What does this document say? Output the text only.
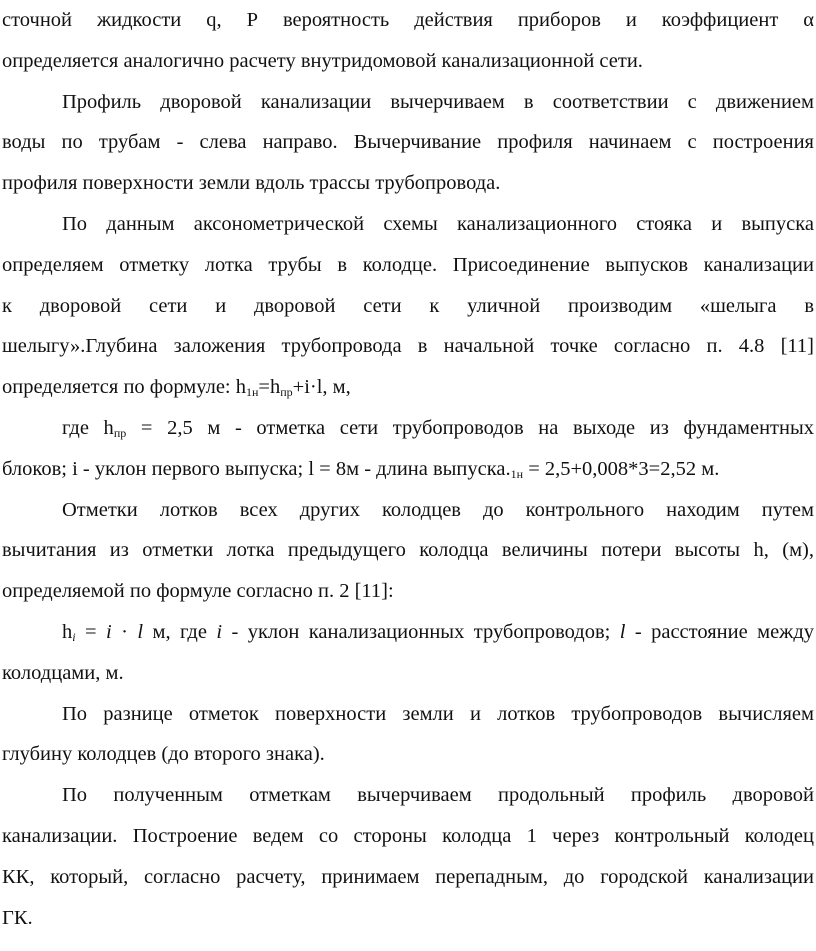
сточной жидкости q, Р вероятность действия приборов и коэффициент α
определяется аналогично расчету внутридомовой канализационной сети.

Профиль дворовой канализации вычерчиваем в соответствии с движением
воды по трубам - слева направо. Вычерчивание профиля начинаем с построения
профиля поверхности земли вдоль трассы трубопровода.

По данным аксонометрической схемы канализационного стояка и выпуска
определяем отметку лотка трубы в колодце. Присоединение выпусков канализации
к дворовой сети и дворовой сети к уличной производим «шелыга в
шелыгу».Глубина заложения трубопровода в начальной точке согласно п. 4.8 [11]
определяется по формуле: $h_{1н}=h_{пр}+i\cdot l$, м,

где $h_{пр} = 2,5$ м - отметка сети трубопроводов на выходе из фундаментных
блоков; i - уклон первого выпуска; l = 8м - длина $выпуска._{1н} = 2,5+0,008*3=2,52$ м.

Отметки лотков всех других колодцев до контрольного находим путем
вычитания из отметки лотка предыдущего колодца величины потери высоты h, (м),
определяемой по формуле согласно п. 2 [11]:

$h_i = i \cdot l$ м, где i - уклон канализационных трубопроводов; l - расстояние между
колодцами, м.

По разнице отметок поверхности земли и лотков трубопроводов вычисляем
глубину колодцев (до второго знака).

По полученным отметкам вычерчиваем продольный профиль дворовой
канализации. Построение ведем со стороны колодца 1 через контрольный колодец
КК, который, согласно расчету, принимаем перепадным, до городской канализации
ГК.
